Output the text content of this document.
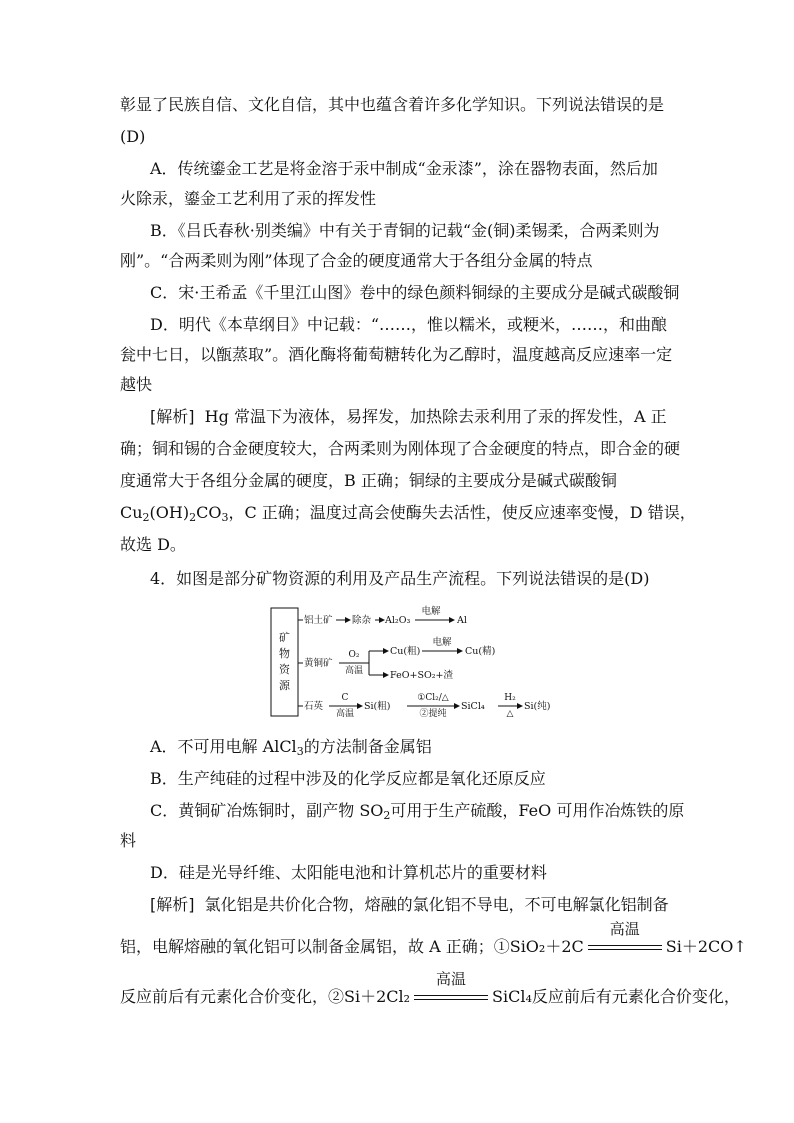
彰显了民族自信、文化自信，其中也蕴含着许多化学知识。下列说法错误的是
(D)
A．传统鎏金工艺是将金溶于汞中制成“金汞漆”，涂在器物表面，然后加
火除汞，鎏金工艺利用了汞的挥发性
B．《吕氏春秋·别类编》中有关于青铜的记载“金(铜)柔锡柔，合两柔则为
刚”。“合两柔则为刚”体现了合金的硬度通常大于各组分金属的特点
C．宋·王希孟《千里江山图》卷中的绿色颜料铜绿的主要成分是碱式碳酸铜
D．明代《本草纲目》中记载：“……，惟以糯米，或粳米，……，和曲酿
瓮中七日，以甑蒸取”。酒化酶将葡萄糖转化为乙醇时，温度越高反应速率一定
越快
[解析] Hg 常温下为液体，易挥发，加热除去汞利用了汞的挥发性，A 正
确；铜和锡的合金硬度较大，合两柔则为刚体现了合金硬度的特点，即合金的硬
度通常大于各组分金属的硬度，B 正确；铜绿的主要成分是碱式碳酸铜
$Cu_2(OH)_2CO_3$，C 正确；温度过高会使酶失去活性，使反应速率变慢，D 错误，
故选 D。
4．如图是部分矿物资源的利用及产品生产流程。下列说法错误的是(D)
矿
物
资
源
铝土矿 除杂 Al₂O₃
电解
Al
黄铜矿
O₂
高温
Cu(粗)
电解
Cu(精)
FeO+SO₂+渣
石英
C
高温
Si(粗)
①Cl₂/△
②提纯
SiCl₄
H₂
△
Si(纯)
A．不可用电解 AlCl$_3$的方法制备金属铝
B．生产纯硅的过程中涉及的化学反应都是氧化还原反应
C．黄铜矿冶炼铜时，副产物 $SO_2$可用于生产硫酸，FeO 可用作冶炼铁的原
料
D．硅是光导纤维、太阳能电池和计算机芯片的重要材料
[解析] 氯化铝是共价化合物，熔融的氯化铝不导电，不可电解氯化铝制备
铝，电解熔融的氧化铝可以制备金属铝，故 A 正确；①SiO₂＋2C
高温
Si＋2CO↑
反应前后有元素化合价变化，②Si＋2Cl₂
高温
SiCl₄反应前后有元素化合价变化，
